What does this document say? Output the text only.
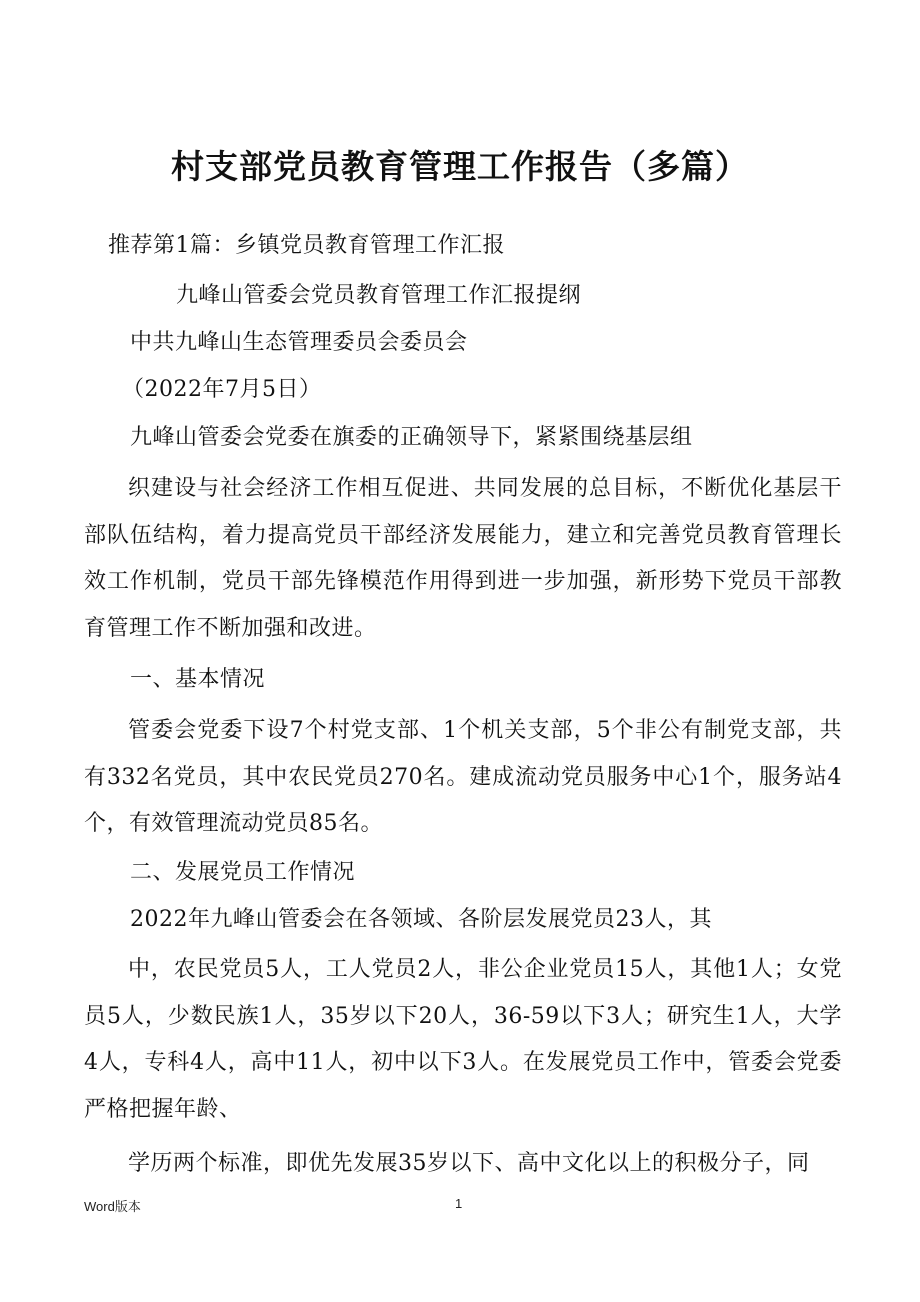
村支部党员教育管理工作报告（多篇）

推荐第1篇：乡镇党员教育管理工作汇报

九峰山管委会党员教育管理工作汇报提纲

中共九峰山生态管理委员会委员会

（2022年7月5日）

九峰山管委会党委在旗委的正确领导下，紧紧围绕基层组

织建设与社会经济工作相互促进、共同发展的总目标，不断优化基层干部队伍结构，着力提高党员干部经济发展能力，建立和完善党员教育管理长效工作机制，党员干部先锋模范作用得到进一步加强，新形势下党员干部教育管理工作不断加强和改进。

一、基本情况

管委会党委下设7个村党支部、1个机关支部，5个非公有制党支部，共有332名党员，其中农民党员270名。建成流动党员服务中心1个，服务站4个，有效管理流动党员85名。

二、发展党员工作情况

2022年九峰山管委会在各领域、各阶层发展党员23人，其

中，农民党员5人，工人党员2人，非公企业党员15人，其他1人；女党员5人，少数民族1人，35岁以下20人，36-59以下3人；研究生1人，大学4人，专科4人，高中11人，初中以下3人。在发展党员工作中，管委会党委严格把握年龄、

学历两个标准，即优先发展35岁以下、高中文化以上的积极分子，同

Word版本	1
